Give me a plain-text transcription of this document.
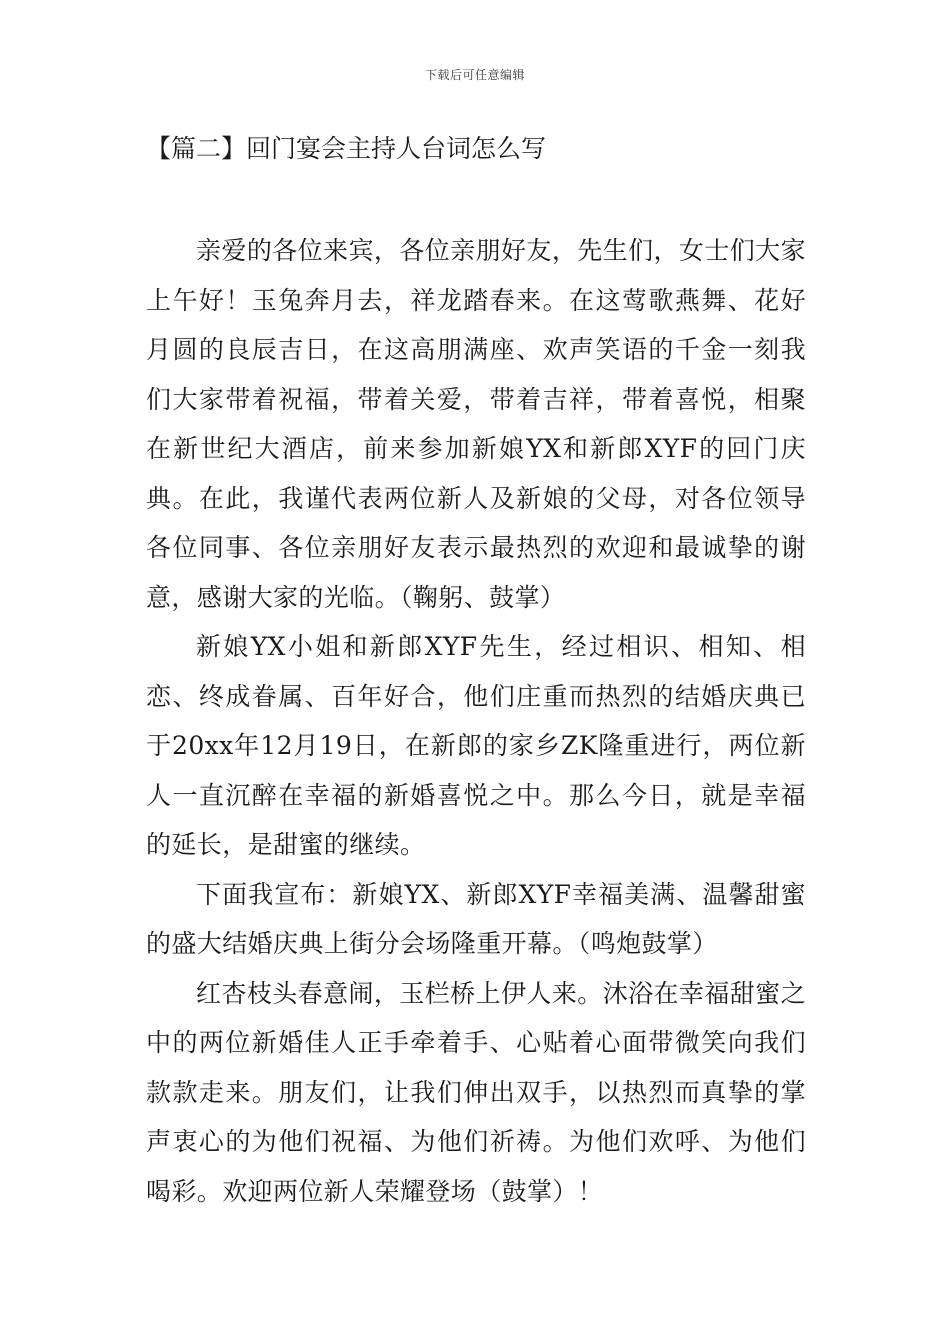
下载后可任意编辑
【篇二】回门宴会主持人台词怎么写

亲爱的各位来宾，各位亲朋好友，先生们，女士们大家上午好！玉兔奔月去，祥龙踏春来。在这莺歌燕舞、花好月圆的良辰吉日，在这高朋满座、欢声笑语的千金一刻我们大家带着祝福，带着关爱，带着吉祥，带着喜悦，相聚在新世纪大酒店，前来参加新娘YX和新郎XYF的回门庆典。在此，我谨代表两位新人及新娘的父母，对各位领导各位同事、各位亲朋好友表示最热烈的欢迎和最诚挚的谢意，感谢大家的光临。（鞠躬、鼓掌）

新娘YX小姐和新郎XYF先生，经过相识、相知、相恋、终成眷属、百年好合，他们庄重而热烈的结婚庆典已于20xx年12月19日，在新郎的家乡ZK隆重进行，两位新人一直沉醉在幸福的新婚喜悦之中。那么今日，就是幸福的延长，是甜蜜的继续。

下面我宣布：新娘YX、新郎XYF幸福美满、温馨甜蜜的盛大结婚庆典上街分会场隆重开幕。（鸣炮鼓掌）

红杏枝头春意闹，玉栏桥上伊人来。沐浴在幸福甜蜜之中的两位新婚佳人正手牵着手、心贴着心面带微笑向我们款款走来。朋友们，让我们伸出双手，以热烈而真挚的掌声衷心的为他们祝福、为他们祈祷。为他们欢呼、为他们喝彩。欢迎两位新人荣耀登场（鼓掌）！
